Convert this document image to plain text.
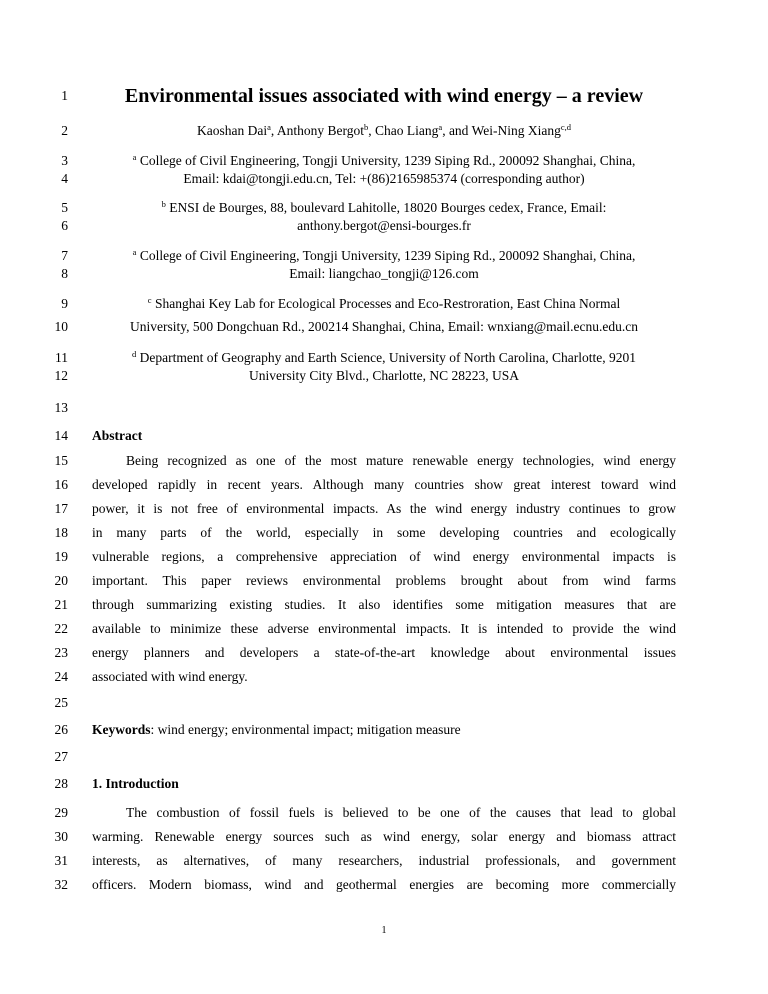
1
2
3
4
5
6
7
8
9
10
11
12
13
14
15
16
17
18
19
20
21
22
23
24
25
26
27
28
29
30
31
32
Environmental issues associated with wind energy – a review
Kaoshan Dai$^a$, Anthony Bergot$^b$, Chao Liang$^a$, and Wei-Ning Xiang$^{c,d}$
$^a$ College of Civil Engineering, Tongji University, 1239 Siping Rd., 200092 Shanghai, China,
Email: kdai@tongji.edu.cn, Tel: +(86)2165985374 (corresponding author)
$^b$ ENSI de Bourges, 88, boulevard Lahitolle, 18020 Bourges cedex, France, Email:
anthony.bergot@ensi-bourges.fr
$^a$ College of Civil Engineering, Tongji University, 1239 Siping Rd., 200092 Shanghai, China,
Email: liangchao_tongji@126.com
$^c$ Shanghai Key Lab for Ecological Processes and Eco-Restroration, East China Normal
University, 500 Dongchuan Rd., 200214 Shanghai, China, Email: wnxiang@mail.ecnu.edu.cn
$^d$ Department of Geography and Earth Science, University of North Carolina, Charlotte, 9201
University City Blvd., Charlotte, NC 28223, USA
Abstract
Being recognized as one of the most mature renewable energy technologies, wind energy
developed rapidly in recent years. Although many countries show great interest toward wind
power, it is not free of environmental impacts. As the wind energy industry continues to grow
in many parts of the world, especially in some developing countries and ecologically
vulnerable regions, a comprehensive appreciation of wind energy environmental impacts is
important. This paper reviews environmental problems brought about from wind farms
through summarizing existing studies. It also identifies some mitigation measures that are
available to minimize these adverse environmental impacts. It is intended to provide the wind
energy planners and developers a state-of-the-art knowledge about environmental issues
associated with wind energy.
Keywords: wind energy; environmental impact; mitigation measure
1. Introduction
The combustion of fossil fuels is believed to be one of the causes that lead to global
warming. Renewable energy sources such as wind energy, solar energy and biomass attract
interests, as alternatives, of many researchers, industrial professionals, and government
officers. Modern biomass, wind and geothermal energies are becoming more commercially
1
